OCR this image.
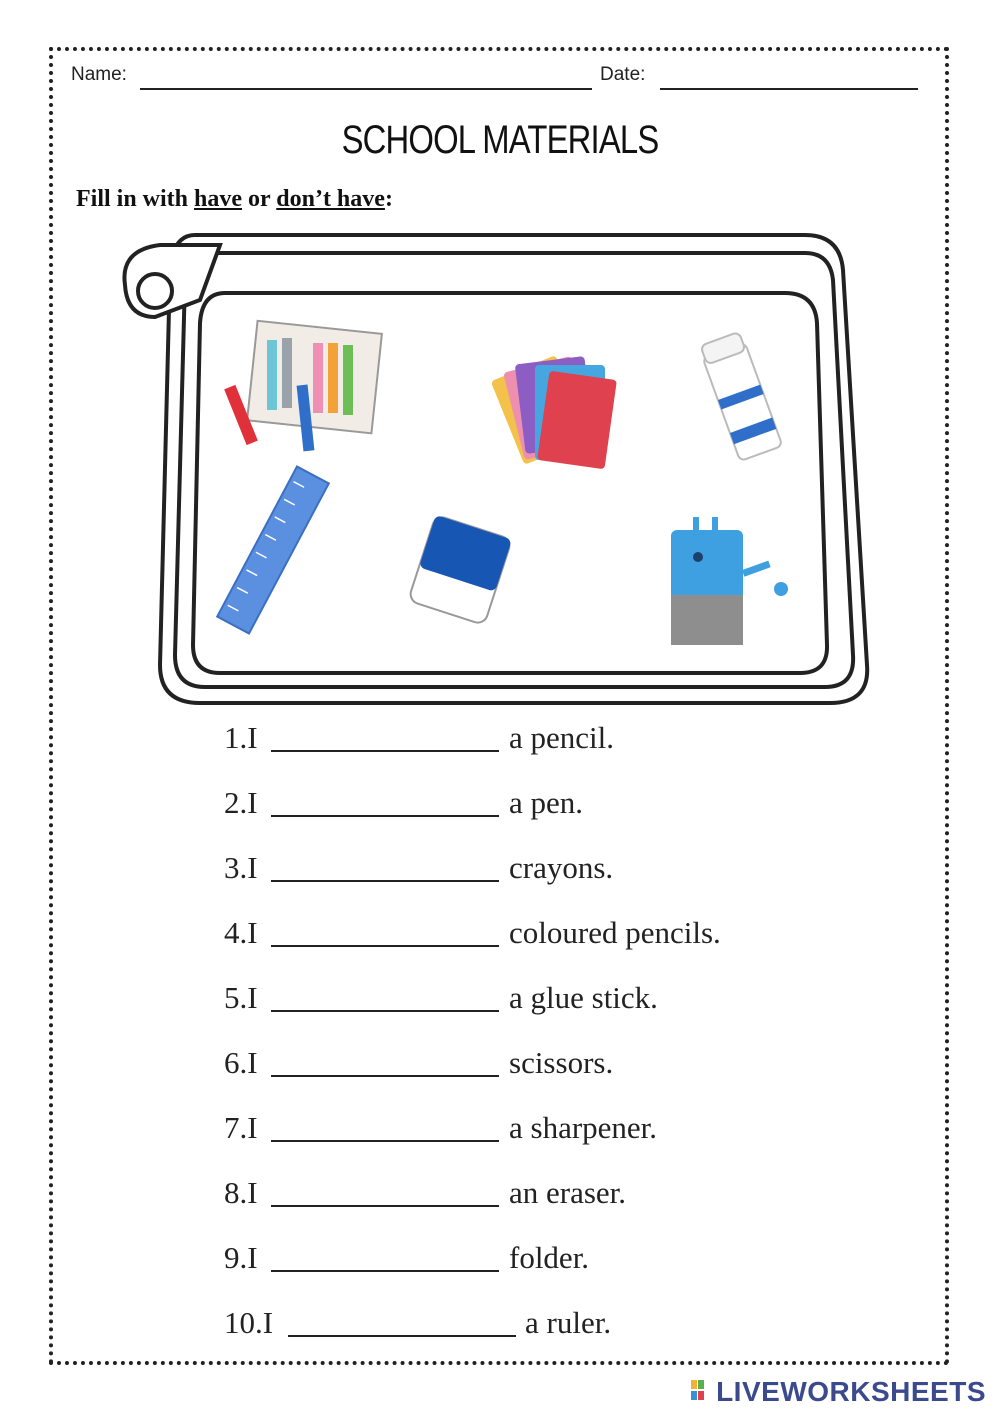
Name:	Date:
SCHOOL MATERIALS
Fill in with have or don’t have:
1.I	a pencil.
2.I	a pen.
3.I	crayons.
4.I	coloured pencils.
5.I	a glue stick.
6.I	scissors.
7.I	a sharpener.
8.I	an eraser.
9.I	folder.
10.I	a ruler.
LIVEWORKSHEETS
